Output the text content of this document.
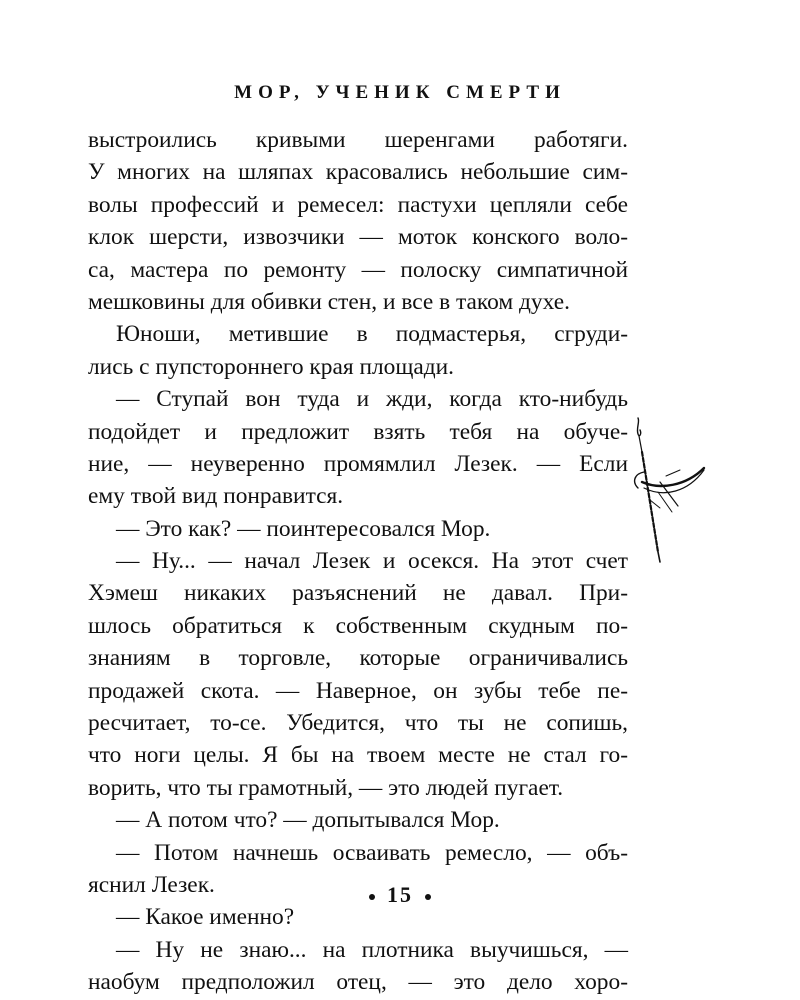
МОР, УЧЕНИК СМЕРТИ
выстроились кривыми шеренгами работяги.
У многих на шляпах красовались небольшие сим-
волы профессий и ремесел: пастухи цепляли себе
клок шерсти, извозчики — моток конского воло-
са, мастера по ремонту — полоску симпатичной
мешковины для обивки стен, и все в таком духе.
Юноши, метившие в подмастерья, сгруди-
лись с пупстороннего края площади.
— Ступай вон туда и жди, когда кто-нибудь
подойдет и предложит взять тебя на обуче-
ние, — неуверенно промямлил Лезек. — Если
ему твой вид понравится.
— Это как? — поинтересовался Мор.
— Ну... — начал Лезек и осекся. На этот счет
Хэмеш никаких разъяснений не давал. При-
шлось обратиться к собственным скудным по-
знаниям в торговле, которые ограничивались
продажей скота. — Наверное, он зубы тебе пе-
ресчитает, то-се. Убедится, что ты не сопишь,
что ноги целы. Я бы на твоем месте не стал го-
ворить, что ты грамотный, — это людей пугает.
— А потом что? — допытывался Мор.
— Потом начнешь осваивать ремесло, — объ-
яснил Лезек.
— Какое именно?
— Ну не знаю... на плотника выучишься, —
наобум предположил отец, — это дело хоро-
15
